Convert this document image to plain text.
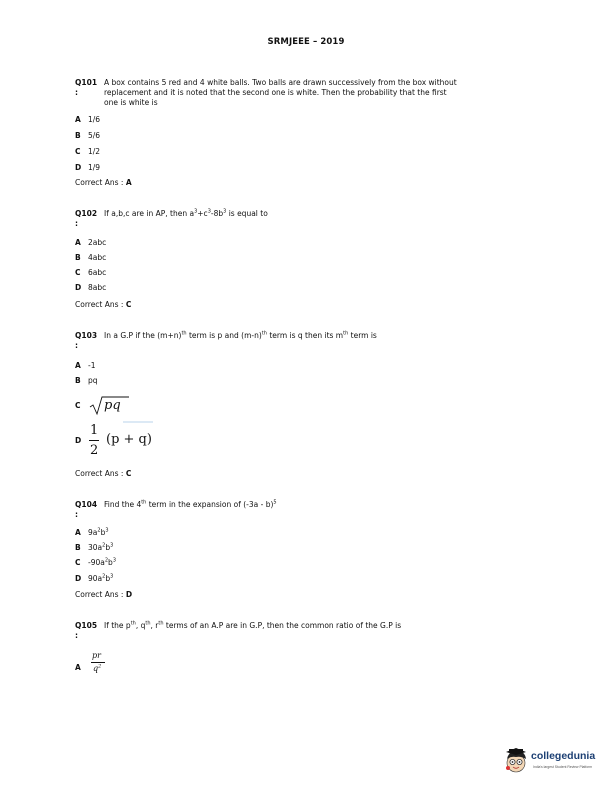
SRMJEEE – 2019
Q101 A box contains 5 red and 4 white balls. Two balls are drawn successively from the box without
:	replacement and it is noted that the second one is white. Then the probability that the first
one is white is
A 1/6
B 5/6
C 1/2
D 1/9
Correct Ans : A
Q102 If a,b,c are in AP, then $a^3+c^3-8b^3$ is equal to
:
A 2abc
B 4abc
C 6abc
D 8abc
Correct Ans : C
Q103 In a G.P if the $(m+n)^{th}$ term is p and $(m-n)^{th}$ term is q then its $m^{th}$ term is
:
A -1
B pq
C	pq
D
1
2
(p + q)
Correct Ans : C
Q104 Find the 4th term in the expansion of (-3a - b)$^5$
:
A $9a^2b^3$
B $30a^2b^3$
C $-90a^2b^3$
D $90a^2b^3$
Correct Ans : D
Q105 If the $p^{th}$, $q^{th}$, $r^{th}$ terms of an A.P are in G.P, then the common ratio of the G.P is
:
A
pr
$q^2$
collegedunia
India's largest Student Review Platform
